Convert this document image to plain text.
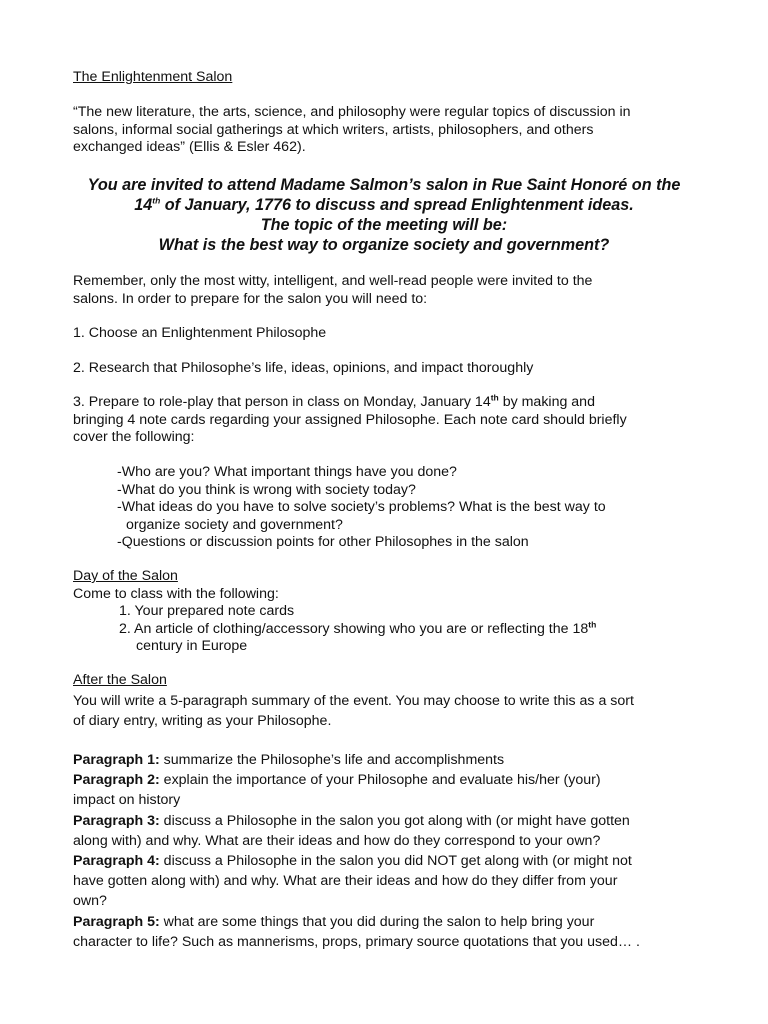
The Enlightenment Salon
“The new literature, the arts, science, and philosophy were regular topics of discussion in
salons, informal social gatherings at which writers, artists, philosophers, and others
exchanged ideas” (Ellis & Esler 462).
You are invited to attend Madame Salmon’s salon in Rue Saint Honoré on the
14th of January, 1776 to discuss and spread Enlightenment ideas.
The topic of the meeting will be:
What is the best way to organize society and government?
Remember, only the most witty, intelligent, and well-read people were invited to the
salons. In order to prepare for the salon you will need to:
1. Choose an Enlightenment Philosophe
2. Research that Philosophe’s life, ideas, opinions, and impact thoroughly
3. Prepare to role-play that person in class on Monday, January 14th by making and
bringing 4 note cards regarding your assigned Philosophe. Each note card should briefly
cover the following:
-Who are you? What important things have you done?
-What do you think is wrong with society today?
-What ideas do you have to solve society’s problems? What is the best way to
organize society and government?
-Questions or discussion points for other Philosophes in the salon
Day of the Salon
Come to class with the following:
1. Your prepared note cards
2. An article of clothing/accessory showing who you are or reflecting the 18th
century in Europe
After the Salon
You will write a 5-paragraph summary of the event. You may choose to write this as a sort
of diary entry, writing as your Philosophe.
Paragraph 1: summarize the Philosophe’s life and accomplishments
Paragraph 2: explain the importance of your Philosophe and evaluate his/her (your)
impact on history
Paragraph 3: discuss a Philosophe in the salon you got along with (or might have gotten
along with) and why. What are their ideas and how do they correspond to your own?
Paragraph 4: discuss a Philosophe in the salon you did NOT get along with (or might not
have gotten along with) and why. What are their ideas and how do they differ from your
own?
Paragraph 5: what are some things that you did during the salon to help bring your
character to life? Such as mannerisms, props, primary source quotations that you used… .
